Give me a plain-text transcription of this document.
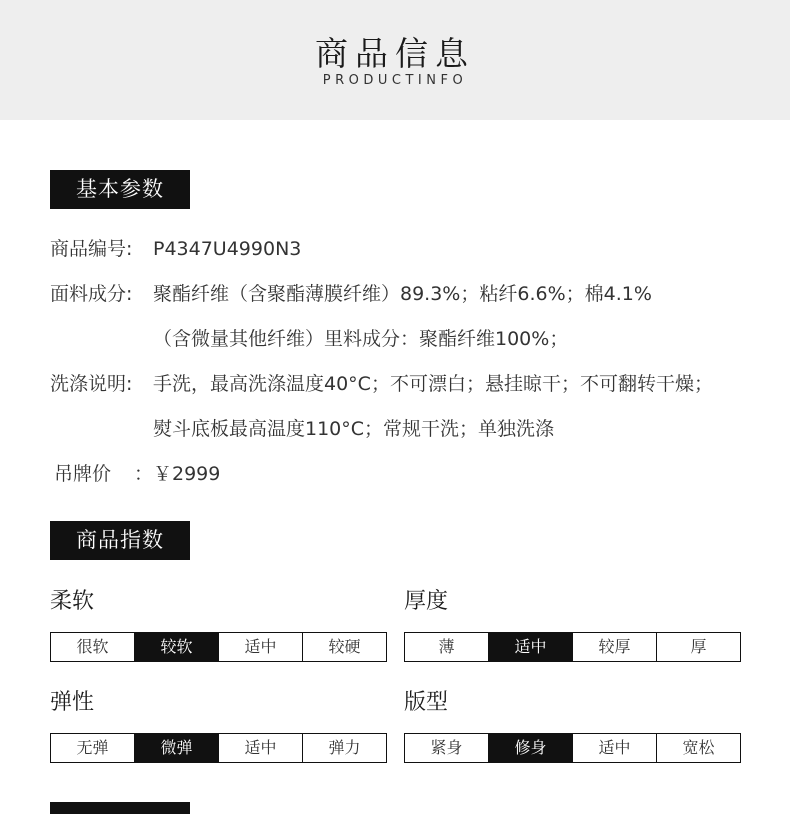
商品信息
PRODUCTINFO
基本参数
商品编号: P4347U4990N3
面料成分: 聚酯纤维（含聚酯薄膜纤维）89.3%；粘纤6.6%；棉4.1%
（含微量其他纤维）里料成分：聚酯纤维100%；
洗涤说明: 手洗，最高洗涤温度40°C；不可漂白；悬挂晾干；不可翻转干燥；
熨斗底板最高温度110°C；常规干洗；单独洗涤
吊牌价 ：￥2999
商品指数
柔软
很软	较软	适中	较硬
厚度
薄	适中	较厚	厚
弹性
无弹	微弹	适中	弹力
版型
紧身	修身	适中	宽松
